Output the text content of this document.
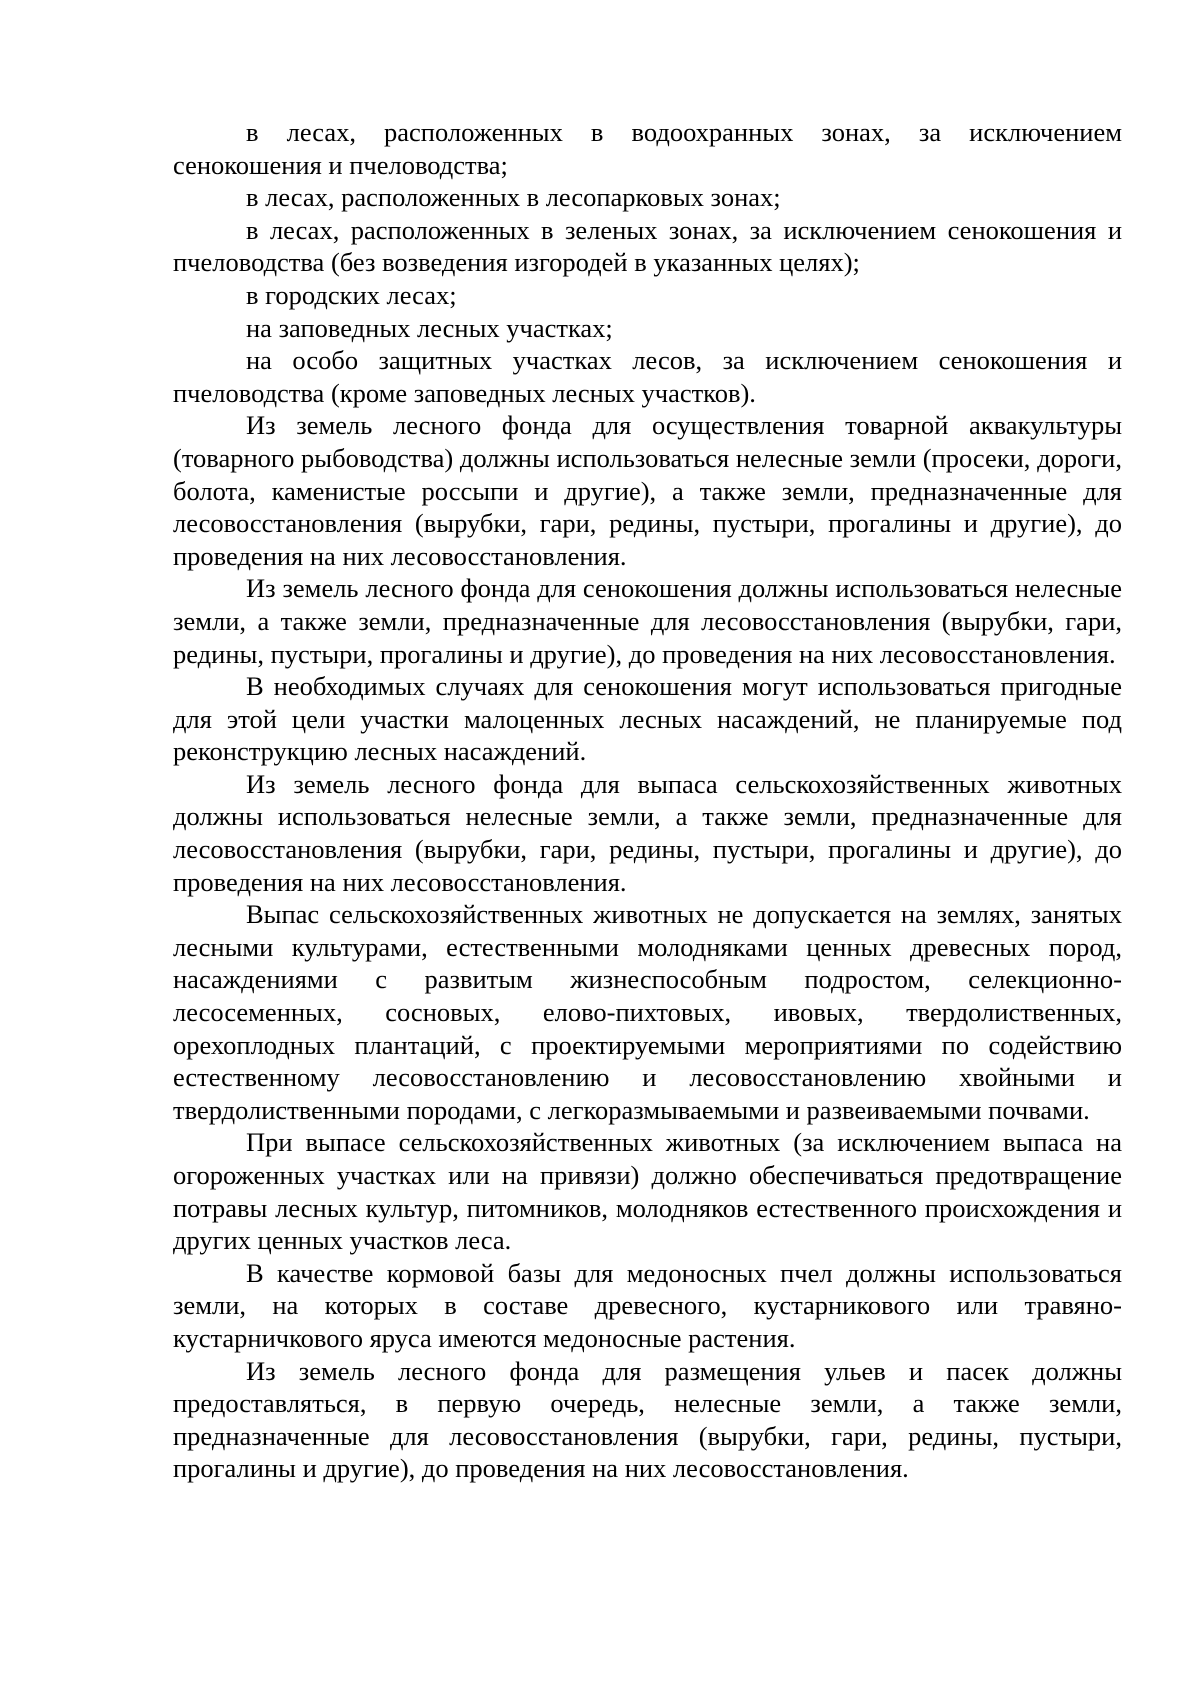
в лесах, расположенных в водоохранных зонах, за исключением сенокошения и пчеловодства;

в лесах, расположенных в лесопарковых зонах;

в лесах, расположенных в зеленых зонах, за исключением сенокошения и пчеловодства (без возведения изгородей в указанных целях);

в городских лесах;

на заповедных лесных участках;

на особо защитных участках лесов, за исключением сенокошения и пчеловодства (кроме заповедных лесных участков).

Из земель лесного фонда для осуществления товарной аквакультуры (товарного рыбоводства) должны использоваться нелесные земли (просеки, дороги, болота, каменистые россыпи и другие), а также земли, предназначенные для лесовосстановления (вырубки, гари, редины, пустыри, прогалины и другие), до проведения на них лесовосстановления.

Из земель лесного фонда для сенокошения должны использоваться нелесные земли, а также земли, предназначенные для лесовосстановления (вырубки, гари, редины, пустыри, прогалины и другие), до проведения на них лесовосстановления.

В необходимых случаях для сенокошения могут использоваться пригодные для этой цели участки малоценных лесных насаждений, не планируемые под реконструкцию лесных насаждений.

Из земель лесного фонда для выпаса сельскохозяйственных животных должны использоваться нелесные земли, а также земли, предназначенные для лесовосстановления (вырубки, гари, редины, пустыри, прогалины и другие), до проведения на них лесовосстановления.

Выпас сельскохозяйственных животных не допускается на землях, занятых лесными культурами, естественными молодняками ценных древесных пород, насаждениями с развитым жизнеспособным подростом, селекционно-лесосеменных, сосновых, елово-пихтовых, ивовых, твердолиственных, орехоплодных плантаций, с проектируемыми мероприятиями по содействию естественному лесовосстановлению и лесовосстановлению хвойными и твердолиственными породами, с легкоразмываемыми и развеиваемыми почвами.

При выпасе сельскохозяйственных животных (за исключением выпаса на огороженных участках или на привязи) должно обеспечиваться предотвращение потравы лесных культур, питомников, молодняков естественного происхождения и других ценных участков леса.

В качестве кормовой базы для медоносных пчел должны использоваться земли, на которых в составе древесного, кустарникового или травяно-кустарничкового яруса имеются медоносные растения.

Из земель лесного фонда для размещения ульев и пасек должны предоставляться, в первую очередь, нелесные земли, а также земли, предназначенные для лесовосстановления (вырубки, гари, редины, пустыри, прогалины и другие), до проведения на них лесовосстановления.
